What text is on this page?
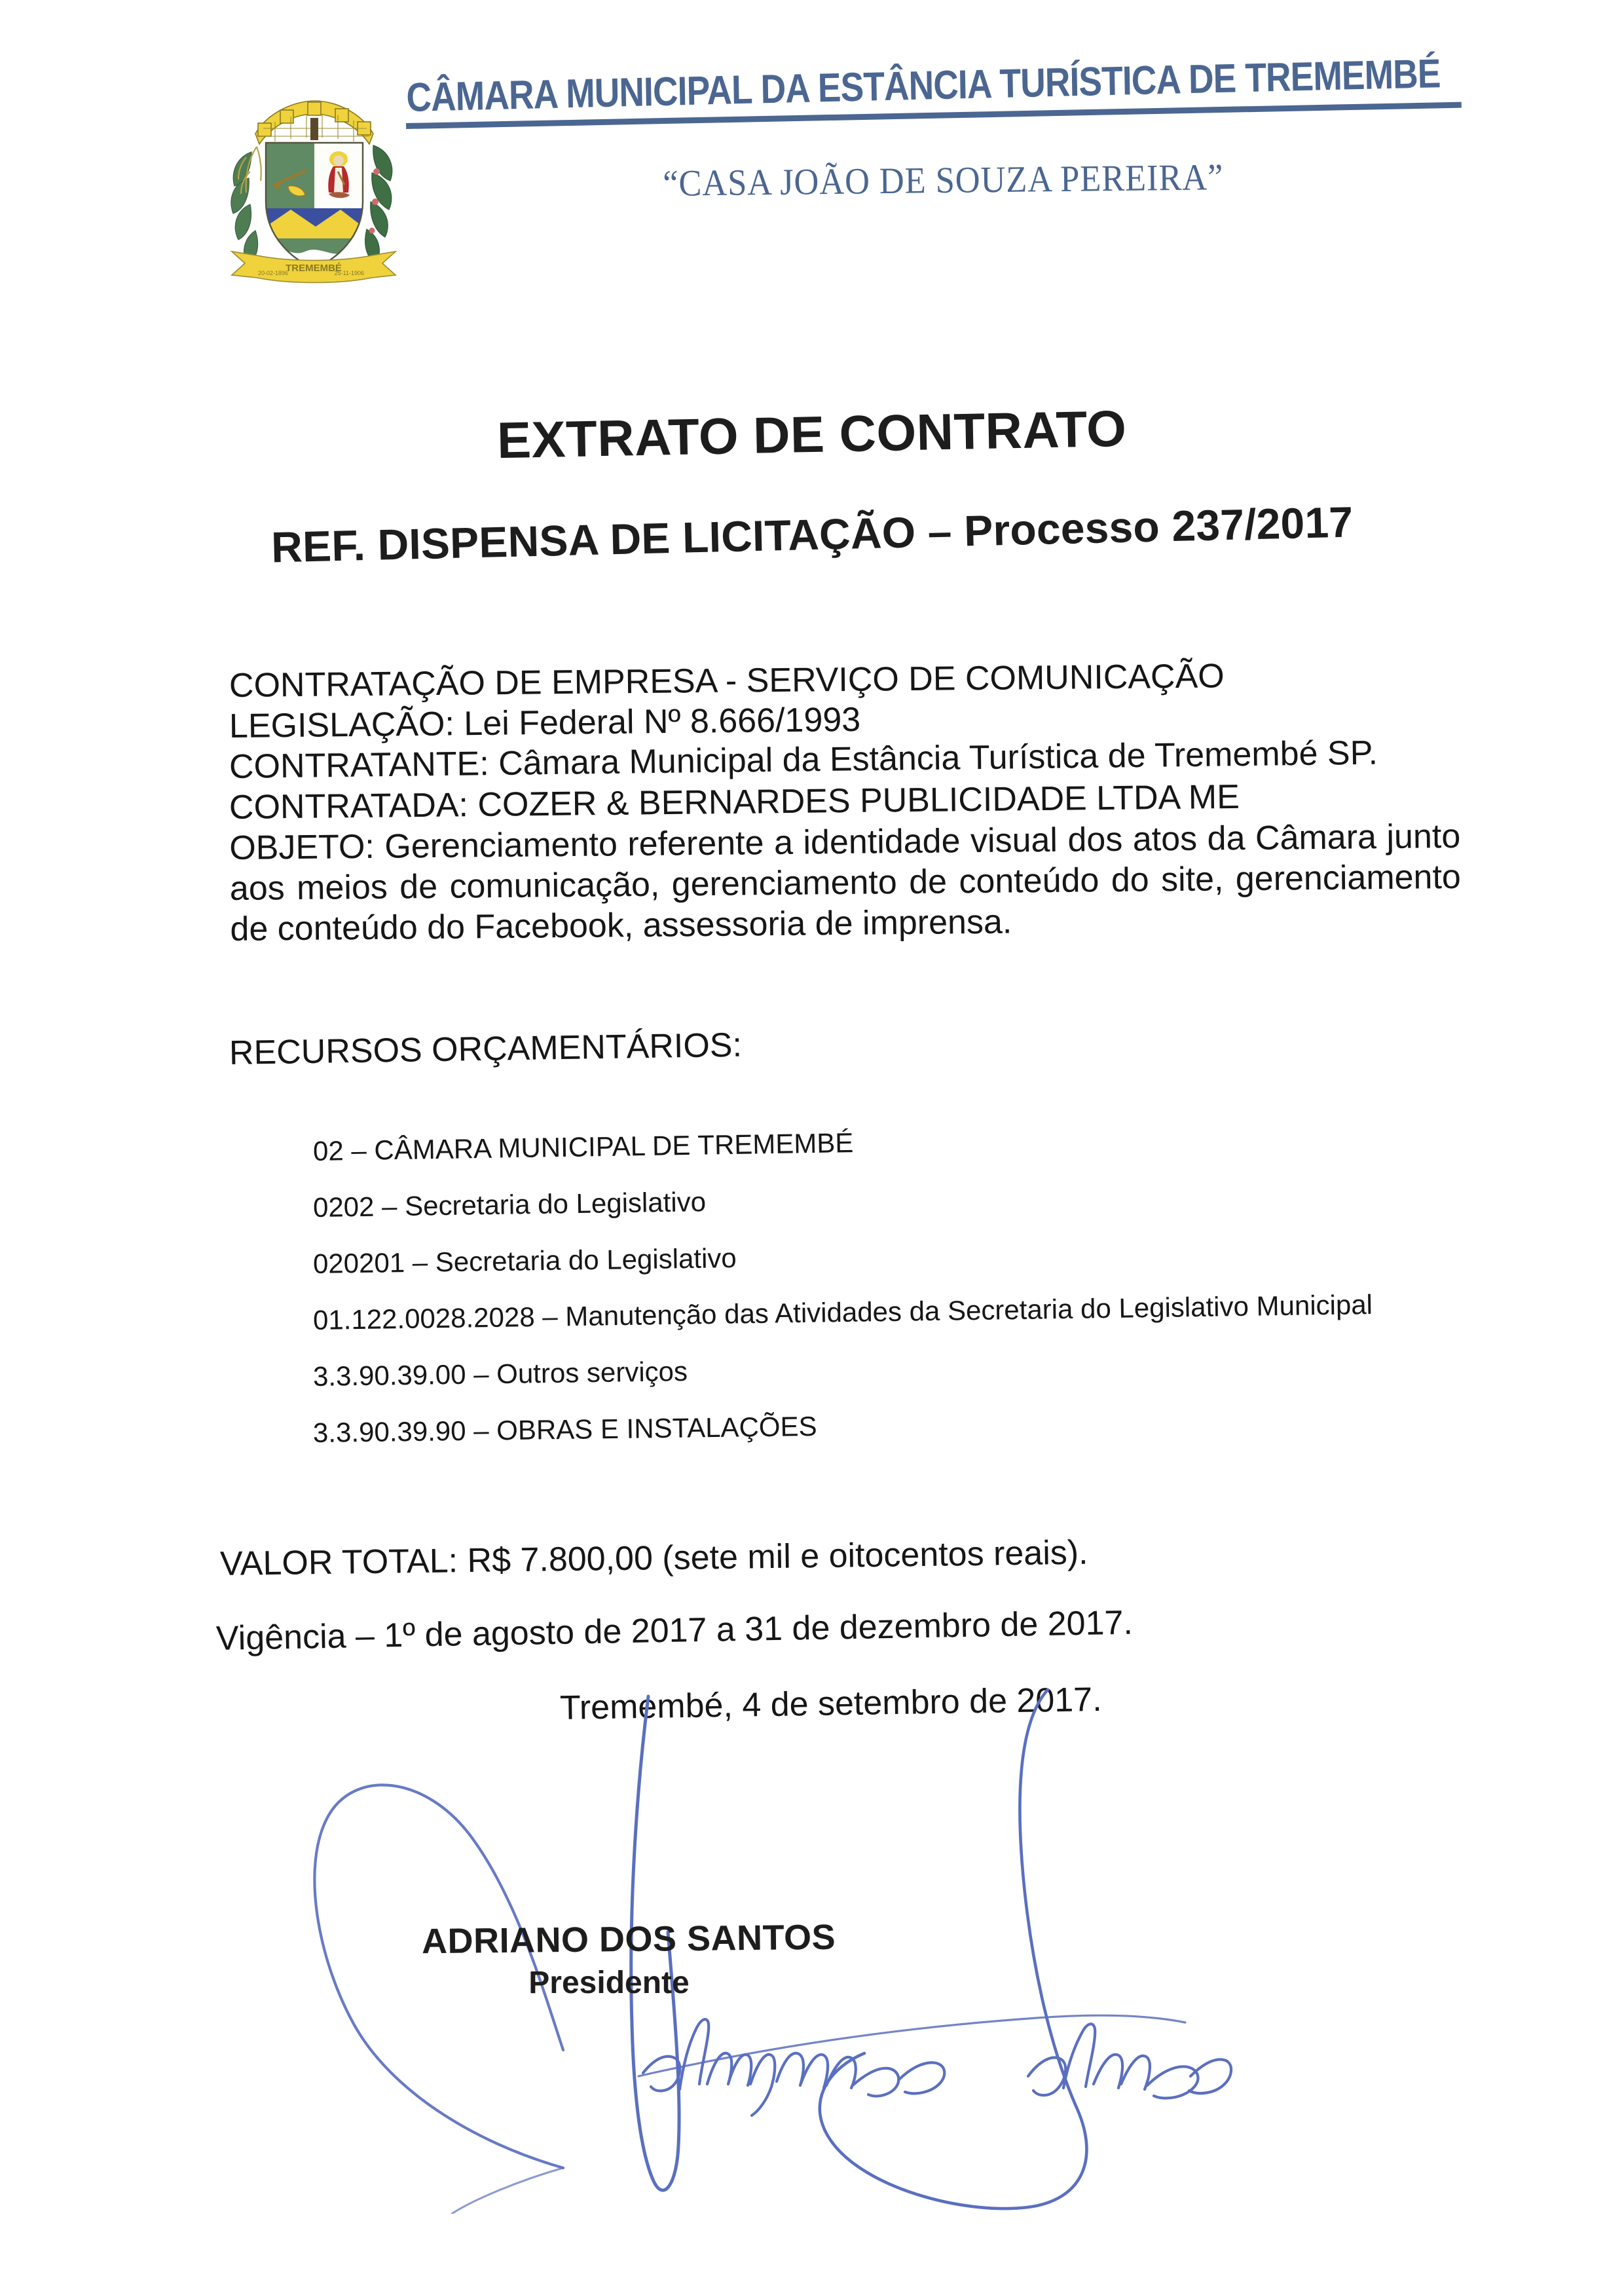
TREMEMBÉ
20-02-1896	25-11-1906
CÂMARA MUNICIPAL DA ESTÂNCIA TURÍSTICA DE TREMEMBÉ
“CASA JOÃO DE SOUZA PEREIRA”
EXTRATO DE CONTRATO
REF. DISPENSA DE LICITAÇÃO – Processo 237/2017
CONTRATAÇÃO DE EMPRESA - SERVIÇO DE COMUNICAÇÃO
LEGISLAÇÃO: Lei Federal Nº 8.666/1993
CONTRATANTE: Câmara Municipal da Estância Turística de Tremembé SP.
CONTRATADA: COZER & BERNARDES PUBLICIDADE LTDA ME
OBJETO: Gerenciamento referente a identidade visual dos atos da Câmara junto aos meios de comunicação, gerenciamento de conteúdo do site, gerenciamento de conteúdo do Facebook, assessoria de imprensa.
RECURSOS ORÇAMENTÁRIOS:
02 – CÂMARA MUNICIPAL DE TREMEMBÉ
0202 – Secretaria do Legislativo
020201 – Secretaria do Legislativo
01.122.0028.2028 – Manutenção das Atividades da Secretaria do Legislativo Municipal
3.3.90.39.00 – Outros serviços
3.3.90.39.90 – OBRAS E INSTALAÇÕES
VALOR TOTAL: R$ 7.800,00 (sete mil e oitocentos reais).
Vigência – 1º de agosto de 2017 a 31 de dezembro de 2017.
Tremembé, 4 de setembro de 2017.
ADRIANO DOS SANTOS
Presidente
